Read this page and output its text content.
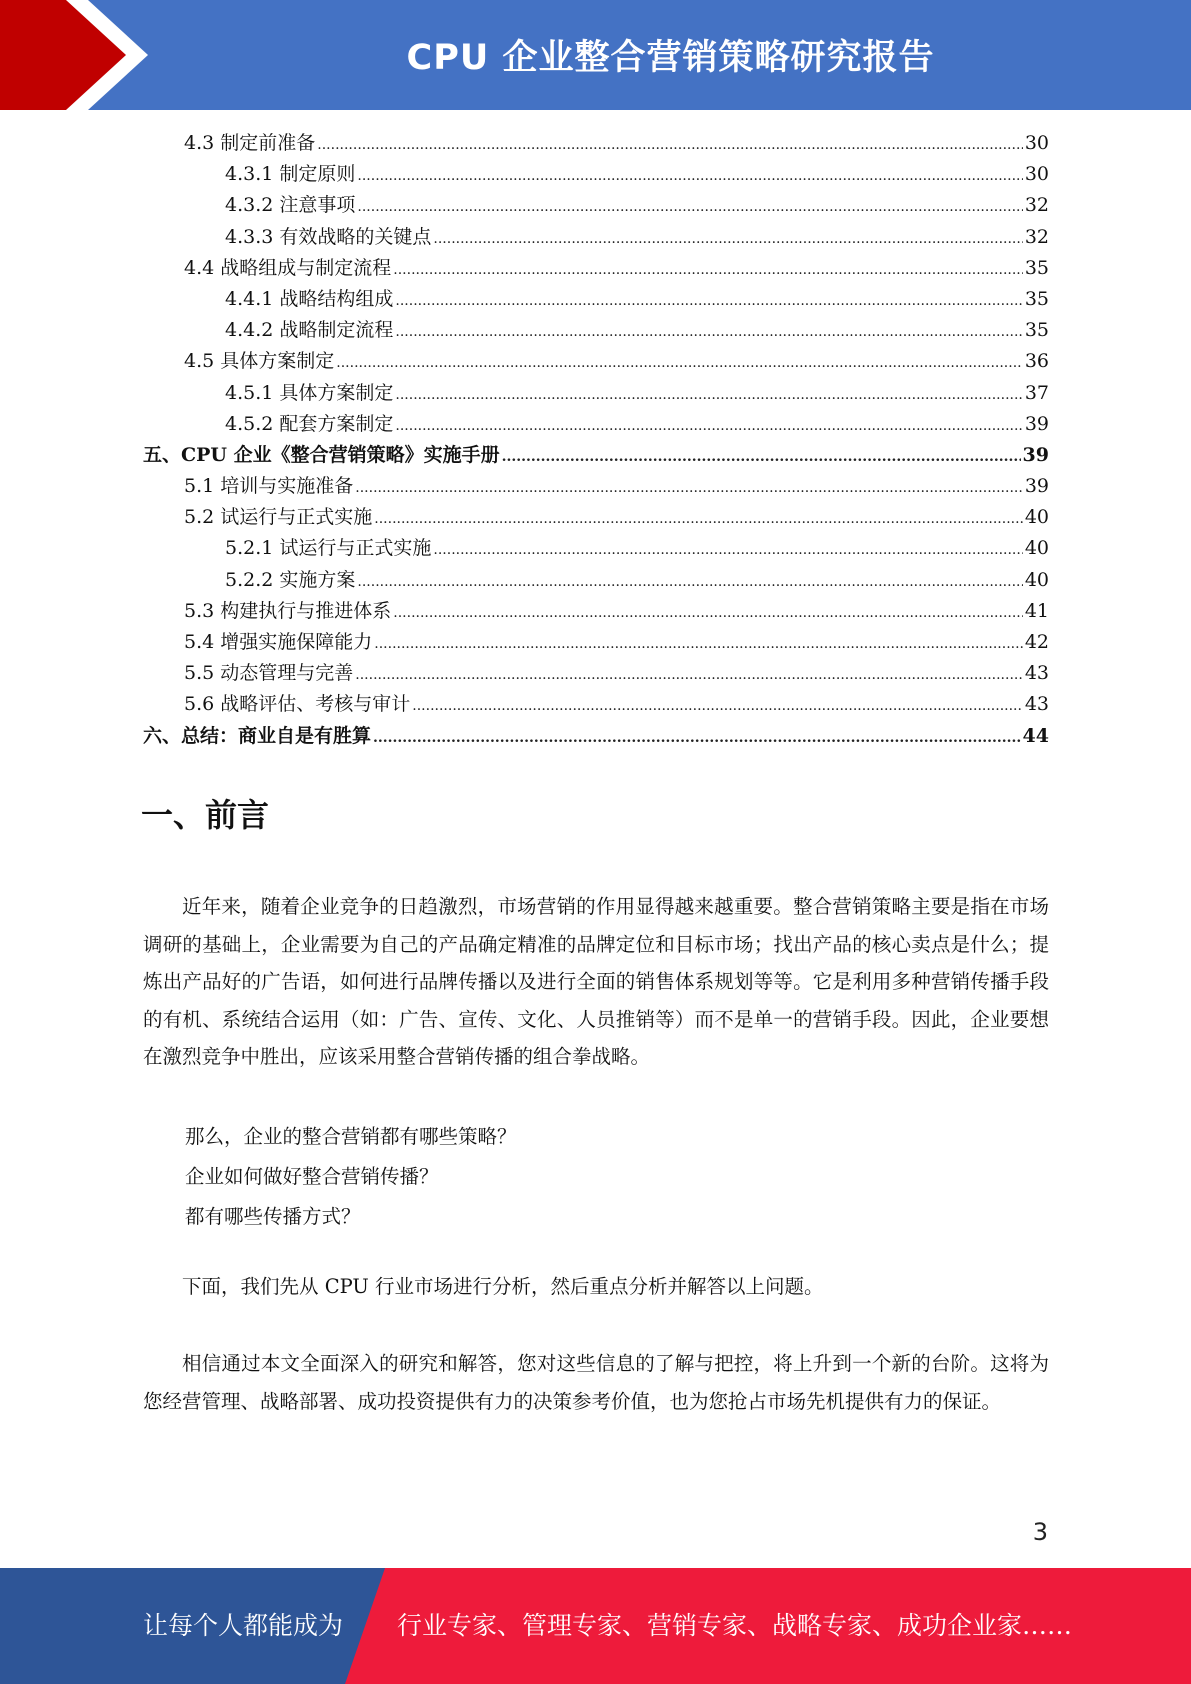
CPU 企业整合营销策略研究报告
4.3 制定前准备 .....	30
4.3.1 制定原则 .....	30
4.3.2 注意事项 .....	32
4.3.3 有效战略的关键点 .....	32
4.4 战略组成与制定流程 .....	35
4.4.1 战略结构组成 .....	35
4.4.2 战略制定流程 .....	35
4.5 具体方案制定 .....	36
4.5.1 具体方案制定 .....	37
4.5.2 配套方案制定 .....	39
五、CPU 企业《整合营销策略》实施手册 .....	39
5.1 培训与实施准备 .....	39
5.2 试运行与正式实施 .....	40
5.2.1 试运行与正式实施 .....	40
5.2.2 实施方案 .....	40
5.3 构建执行与推进体系 .....	41
5.4 增强实施保障能力 .....	42
5.5 动态管理与完善 .....	43
5.6 战略评估、考核与审计 .....	43
六、总结：商业自是有胜算 .....	44
一、前言
近年来，随着企业竞争的日趋激烈，市场营销的作用显得越来越重要。整合营销策略主要是指在市场调研的基础上，企业需要为自己的产品确定精准的品牌定位和目标市场；找出产品的核心卖点是什么；提炼出产品好的广告语，如何进行品牌传播以及进行全面的销售体系规划等等。它是利用多种营销传播手段的有机、系统结合运用（如：广告、宣传、文化、人员推销等）而不是单一的营销手段。因此，企业要想在激烈竞争中胜出，应该采用整合营销传播的组合拳战略。
那么，企业的整合营销都有哪些策略？
企业如何做好整合营销传播？
都有哪些传播方式？
下面，我们先从 CPU 行业市场进行分析，然后重点分析并解答以上问题。
相信通过本文全面深入的研究和解答，您对这些信息的了解与把控，将上升到一个新的台阶。这将为您经营管理、战略部署、成功投资提供有力的决策参考价值，也为您抢占市场先机提供有力的保证。
3
让每个人都能成为 行业专家、管理专家、营销专家、战略专家、成功企业家……
